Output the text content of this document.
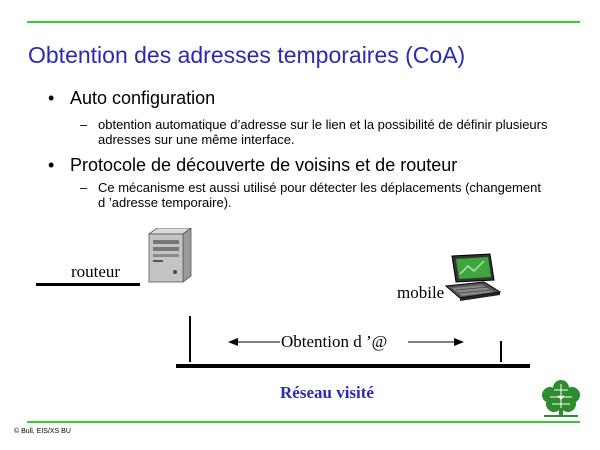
Obtention des adresses temporaires (CoA)
• Auto configuration
– obtention automatique d’adresse sur le lien et la possibilité de définir plusieurs adresses sur une même interface.
• Protocole de découverte de voisins et de routeur
– Ce mécanisme est aussi utilisé pour détecter les déplacements (changement d ’adresse temporaire).
routeur
mobile
Obtention d ’@
Réseau visité
© Bull, EIS/XS BU
